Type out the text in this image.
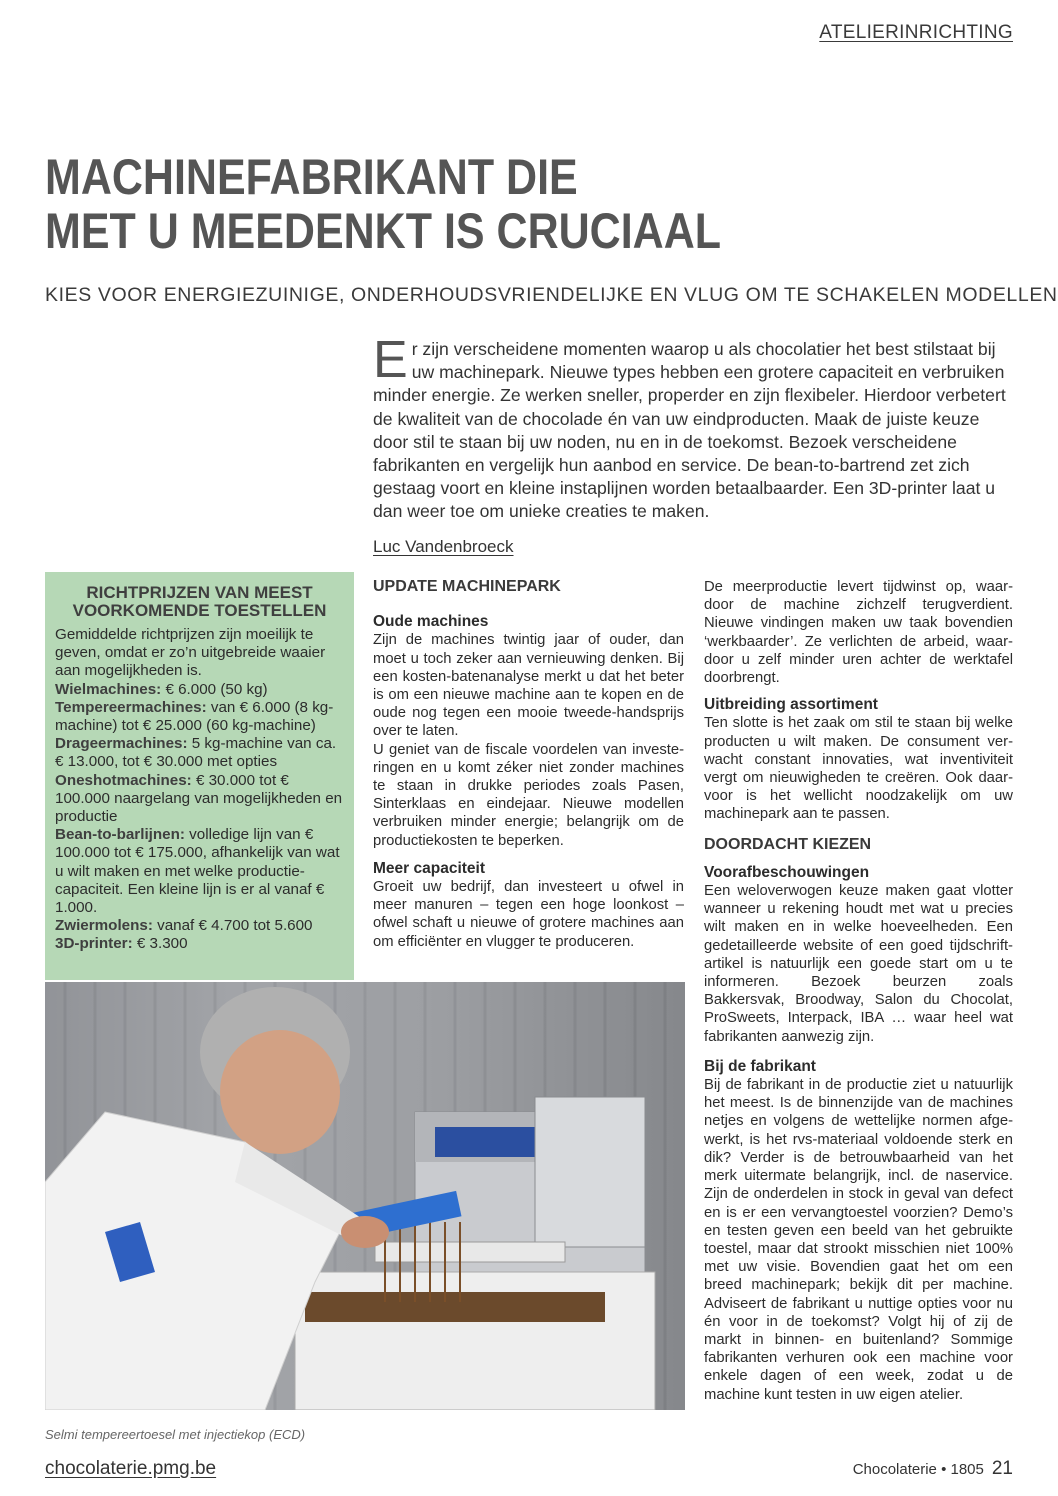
ATELIERINRICHTING
MACHINEFABRIKANT DIE
MET U MEEDENKT IS CRUCIAAL
KIES VOOR ENERGIEZUINIGE, ONDERHOUDSVRIENDELIJKE EN VLUG OM TE SCHAKELEN MODELLEN
Er zijn verscheidene momenten waarop u als chocolatier het best stilstaat bij uw machinepark. Nieuwe types hebben een grotere capaciteit en verbruiken minder energie. Ze werken sneller, properder en zijn flexibeler. Hierdoor verbetert de kwaliteit van de chocolade én van uw eindproducten. Maak de juiste keuze door stil te staan bij uw noden, nu en in de toekomst. Bezoek verscheidene fabrikanten en vergelijk hun aanbod en service. De bean-to-bartrend zet zich gestaag voort en kleine instaplijnen worden betaalbaarder. Een 3D-printer laat u dan weer toe om unieke creaties te maken.
Luc Vandenbroeck
RICHTPRIJZEN VAN MEEST VOORKOMENDE TOESTELLEN
Gemiddelde richtprijzen zijn moeilijk te geven, omdat er zo’n uitgebreide waaier aan mogelijkheden is.
Wielmachines: € 6.000 (50 kg)
Tempereermachines: van € 6.000 (8 kg-machine) tot € 25.000 (60 kg-machine)
Drageermachines: 5 kg-machine van ca. € 13.000, tot € 30.000 met opties
Oneshotmachines: € 30.000 tot € 100.000 naargelang van mogelijkheden en productie
Bean-to-barlijnen: volledige lijn van € 100.000 tot € 175.000, afhankelijk van wat u wilt maken en met welke productie-capaciteit. Een kleine lijn is er al vanaf € 1.000.
Zwiermolens: vanaf € 4.700 tot 5.600
3D-printer: € 3.300
UPDATE MACHINEPARK
Oude machines

Zijn de machines twintig jaar of ouder, dan moet u toch zeker aan vernieuwing denken. Bij een kosten-batenanalyse merkt u dat het beter is om een nieuwe machine aan te kopen en de oude nog tegen een mooie tweede-handsprijs over te laten.

U geniet van de fiscale voordelen van investe-ringen en u komt zéker niet zonder machines te staan in drukke periodes zoals Pasen, Sinterklaas en eindejaar. Nieuwe modellen verbruiken minder energie; belangrijk om de productiekosten te beperken.

Meer capaciteit

Groeit uw bedrijf, dan investeert u ofwel in meer manuren – tegen een hoge loonkost – ofwel schaft u nieuwe of grotere machines aan om efficiënter en vlugger te produceren.

De meerproductie levert tijdwinst op, waar-door de machine zichzelf terugverdient. Nieuwe vindingen maken uw taak bovendien ‘werkbaarder’. Ze verlichten de arbeid, waar-door u zelf minder uren achter de werktafel doorbrengt.

Uitbreiding assortiment

Ten slotte is het zaak om stil te staan bij welke producten u wilt maken. De consument ver-wacht constant innovaties, wat inventiviteit vergt om nieuwigheden te creëren. Ook daar-voor is het wellicht noodzakelijk om uw machinepark aan te passen.

DOORDACHT KIEZEN
Voorafbeschouwingen

Een weloverwogen keuze maken gaat vlotter wanneer u rekening houdt met wat u precies wilt maken en in welke hoeveelheden. Een gedetailleerde website of een goed tijdschrift-artikel is natuurlijk een goede start om u te informeren. Bezoek beurzen zoals Bakkersvak, Broodway, Salon du Chocolat, ProSweets, Interpack, IBA … waar heel wat fabrikanten aanwezig zijn.

Bij de fabrikant

Bij de fabrikant in de productie ziet u natuurlijk het meest. Is de binnenzijde van de machines netjes en volgens de wettelijke normen afge-werkt, is het rvs-materiaal voldoende sterk en dik? Verder is de betrouwbaarheid van het merk uitermate belangrijk, incl. de naservice. Zijn de onderdelen in stock in geval van defect en is er een vervangtoestel voorzien? Demo’s en testen geven een beeld van het gebruikte toestel, maar dat strookt misschien niet 100% met uw visie. Bovendien gaat het om een breed machinepark; bekijk dit per machine. Adviseert de fabrikant u nuttige opties voor nu én voor in de toekomst? Volgt hij of zij de markt in binnen- en buitenland? Sommige fabrikanten verhuren ook een machine voor enkele dagen of een week, zodat u de machine kunt testen in uw eigen atelier.

Selmi tempereertoesel met injectiekop (ECD)
chocolaterie.pmg.be	Chocolaterie • 1805 21
